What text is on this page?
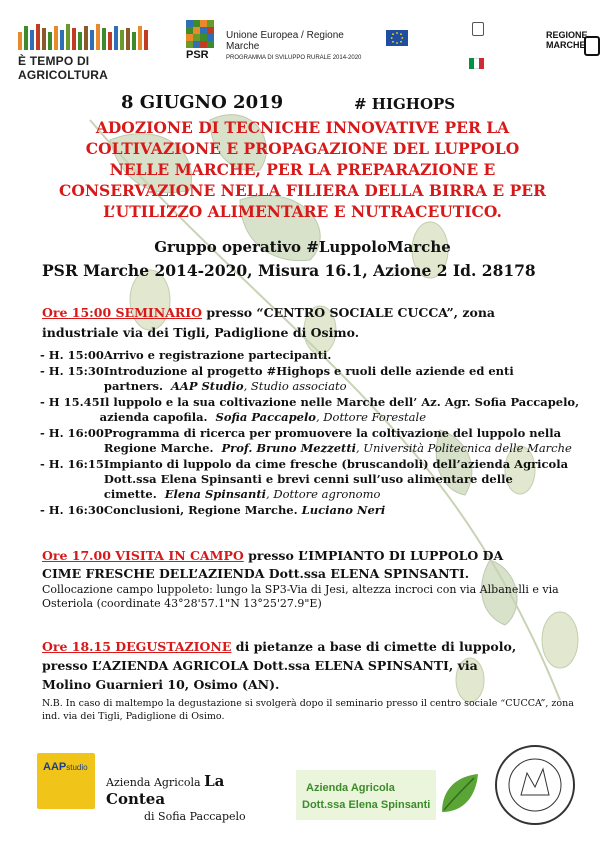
È TEMPO DI AGRICOLTURA
PSR
Unione Europea / Regione Marche
PROGRAMMA DI SVILUPPO RURALE 2014-2020
REGIONE
MARCHE
8 GIUGNO 2019	# HIGHOPS
ADOZIONE DI TECNICHE INNOVATIVE PER LA
COLTIVAZIONE E PROPAGAZIONE DEL LUPPOLO
NELLE MARCHE, PER LA PREPARAZIONE E
CONSERVAZIONE NELLA FILIERA DELLA BIRRA E PER
L’UTILIZZO ALIMENTARE E NUTRACEUTICO.
Gruppo operativo #LuppoloMarche
PSR Marche 2014-2020, Misura 16.1, Azione 2 Id. 28178
Ore 15:00 SEMINARIO presso “CENTRO SOCIALE CUCCA”, zona
industriale via dei Tigli, Padiglione di Osimo.
- H. 15:00 Arrivo e registrazione partecipanti.
- H. 15:30 Introduzione al progetto #Highops e ruoli delle aziende ed enti partners. AAP Studio, Studio associato
- H 15.45 Il luppolo e la sua coltivazione nelle Marche dell’ Az. Agr. Sofia Paccapelo, azienda capofila. Sofia Paccapelo, Dottore Forestale
- H. 16:00 Programma di ricerca per promuovere la coltivazione del luppolo nella Regione Marche. Prof. Bruno Mezzetti, Università Politecnica delle Marche
- H. 16:15 Impianto di luppolo da cime fresche (bruscandoli) dell’azienda Agricola Dott.ssa Elena Spinsanti e brevi cenni sull’uso alimentare delle cimette. Elena Spinsanti, Dottore agronomo
- H. 16:30 Conclusioni, Regione Marche. Luciano Neri
Ore 17.00 VISITA IN CAMPO presso L’IMPIANTO DI LUPPOLO DA
CIME FRESCHE DELL’AZIENDA Dott.ssa ELENA SPINSANTI.
Collocazione campo luppoleto: lungo la SP3-Via di Jesi, altezza incroci con via Albanelli e via Osteriola (coordinate 43°28'57.1"N 13°25'27.9"E)
Ore 18.15 DEGUSTAZIONE di pietanze a base di cimette di luppolo,
presso L’AZIENDA AGRICOLA Dott.ssa ELENA SPINSANTI, via
Molino Guarnieri 10, Osimo (AN).
N.B. In caso di maltempo la degustazione si svolgerà dopo il seminario presso il centro sociale “CUCCA”, zona ind. via dei Tigli, Padiglione di Osimo.
AAPstudio
Azienda Agricola La Contea
di Sofia Paccapelo
Azienda Agricola
Dott.ssa Elena Spinsanti
